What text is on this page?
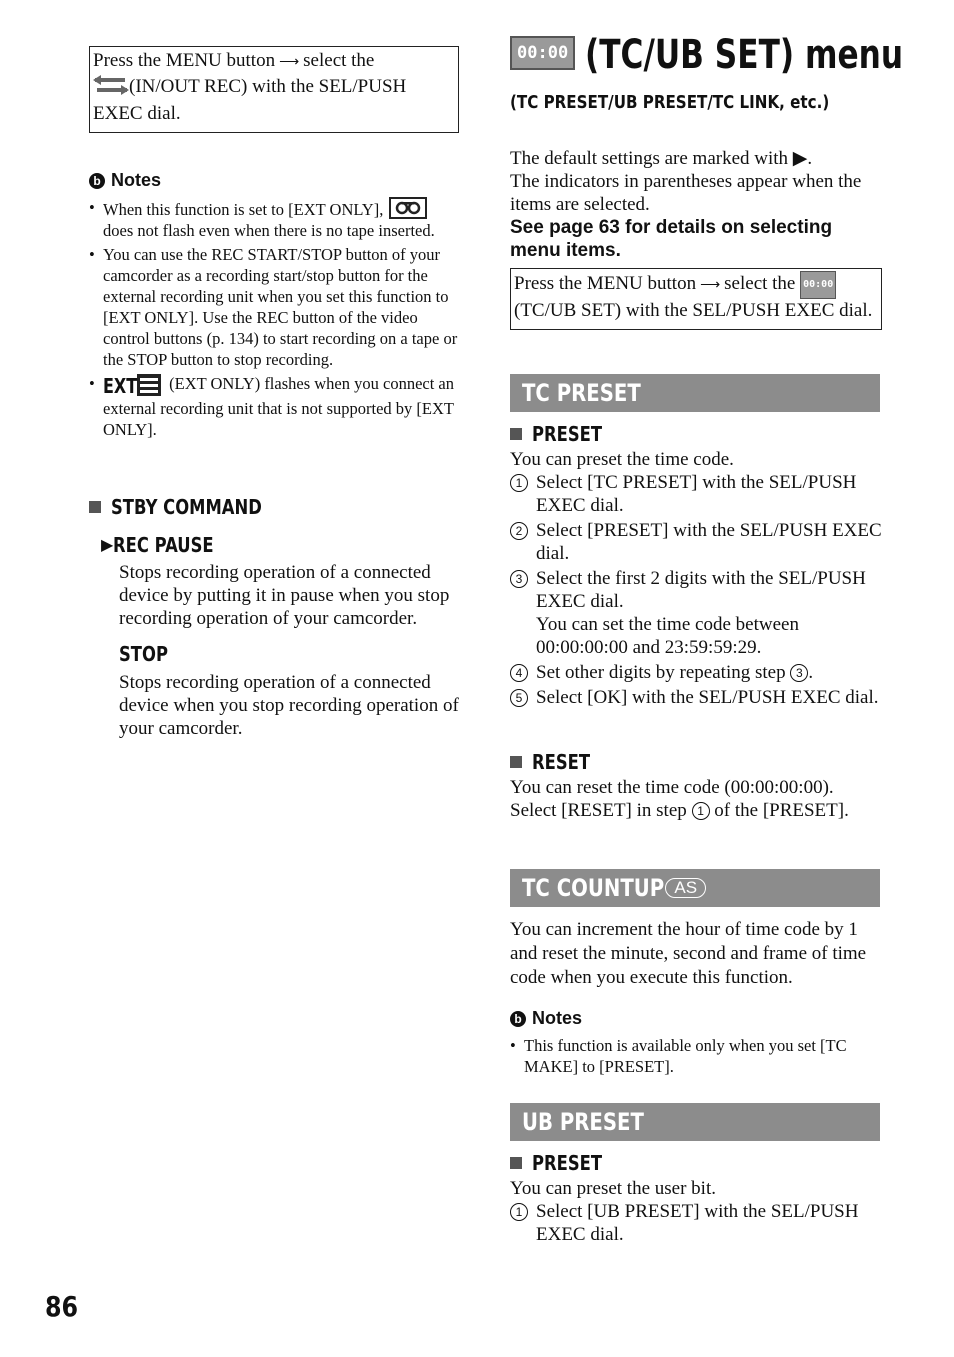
Press the MENU button ⟶ select the
(IN/OUT REC) with the SEL/PUSH EXEC dial.
b Notes
• When this function is set to [EXT ONLY],
does not flash even when there is no tape inserted.
• You can use the REC START/STOP button of your camcorder as a recording start/stop button for the external recording unit when you set this function to [EXT ONLY]. Use the REC button of the video control buttons (p. 134) to start recording on a tape or the STOP button to stop recording.
• EXT (EXT ONLY) flashes when you connect an external recording unit that is not supported by [EXT ONLY].
STBY COMMAND
▶REC PAUSE
Stops recording operation of a connected device by putting it in pause when you stop recording operation of your camcorder.
STOP
Stops recording operation of a connected device when you stop recording operation of your camcorder.
00:00 (TC/UB SET) menu
(TC PRESET/UB PRESET/TC LINK, etc.)
The default settings are marked with ▶.
The indicators in parentheses appear when the items are selected.
See page 63 for details on selecting menu items.
Press the MENU button ⟶ select the 00:00
(TC/UB SET) with the SEL/PUSH EXEC dial.
TC PRESET
PRESET
You can preset the time code.
1 Select [TC PRESET] with the SEL/PUSH EXEC dial.
2 Select [PRESET] with the SEL/PUSH EXEC dial.
3 Select the first 2 digits with the SEL/PUSH EXEC dial.
You can set the time code between 00:00:00:00 and 23:59:59:29.
4 Set other digits by repeating step 3 .
5 Select [OK] with the SEL/PUSH EXEC dial.
RESET
You can reset the time code (00:00:00:00). Select [RESET] in step 1 of the [PRESET].
TC COUNTUP AS
You can increment the hour of time code by 1 and reset the minute, second and frame of time code when you execute this function.
b Notes
• This function is available only when you set [TC MAKE] to [PRESET].
UB PRESET
PRESET
You can preset the user bit.
1 Select [UB PRESET] with the SEL/PUSH EXEC dial.
86
